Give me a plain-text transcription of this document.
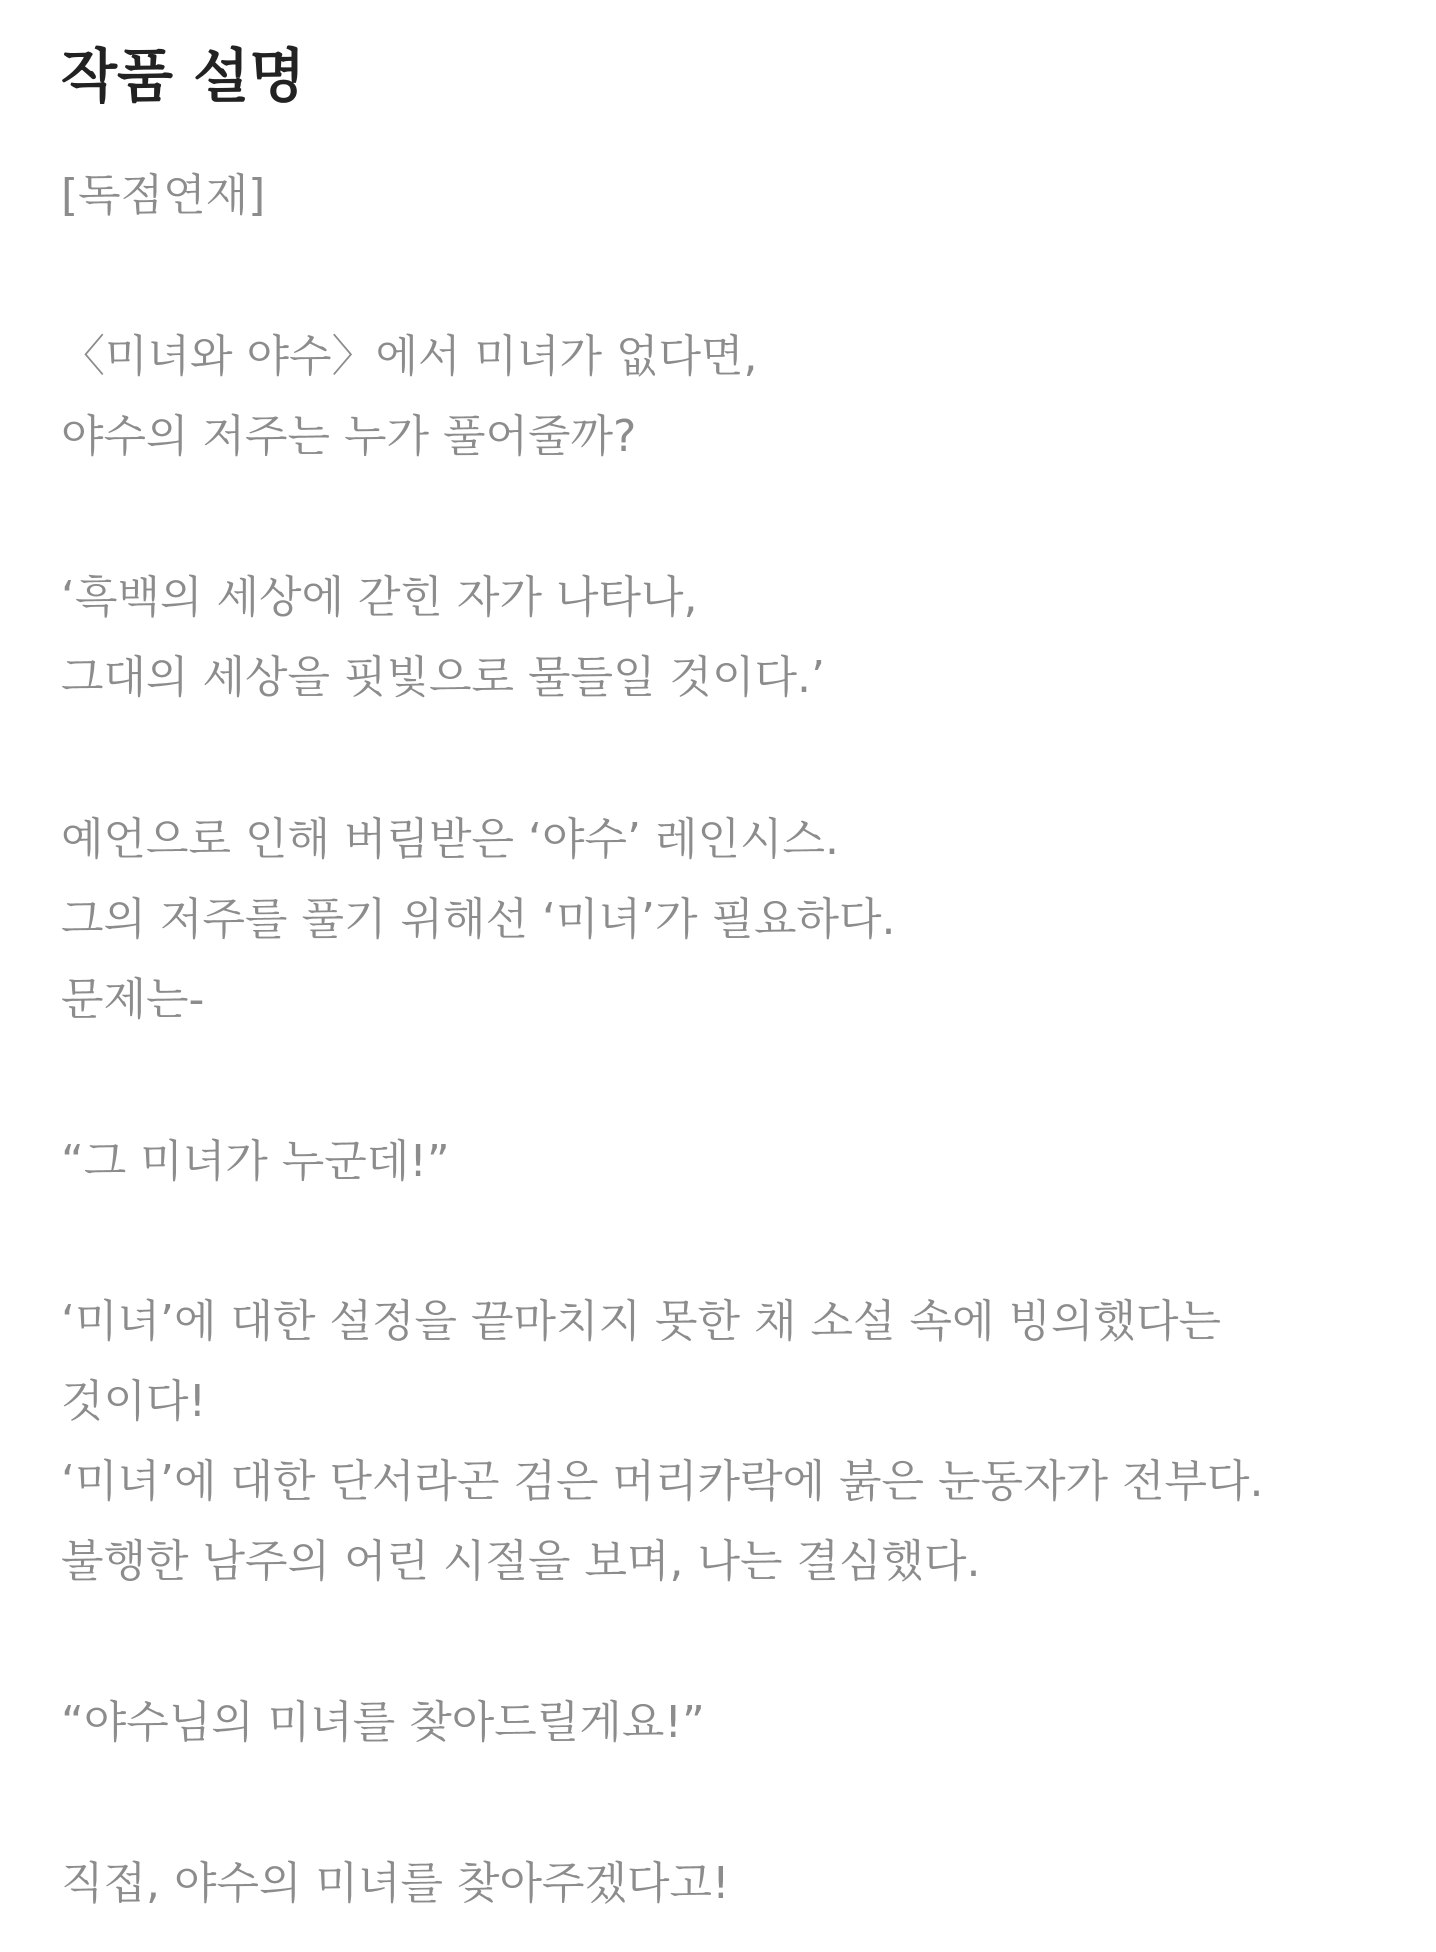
작품 설명
[독점연재]
〈미녀와 야수〉에서 미녀가 없다면,
야수의 저주는 누가 풀어줄까?
‘흑백의 세상에 갇힌 자가 나타나,
그대의 세상을 핏빛으로 물들일 것이다.’
예언으로 인해 버림받은 ‘야수’ 레인시스.
그의 저주를 풀기 위해선 ‘미녀’가 필요하다.
문제는-
“그 미녀가 누군데!”
‘미녀’에 대한 설정을 끝마치지 못한 채 소설 속에 빙의했다는
것이다!
‘미녀’에 대한 단서라곤 검은 머리카락에 붉은 눈동자가 전부다.
불행한 남주의 어린 시절을 보며, 나는 결심했다.
“야수님의 미녀를 찾아드릴게요!”
직접, 야수의 미녀를 찾아주겠다고!
